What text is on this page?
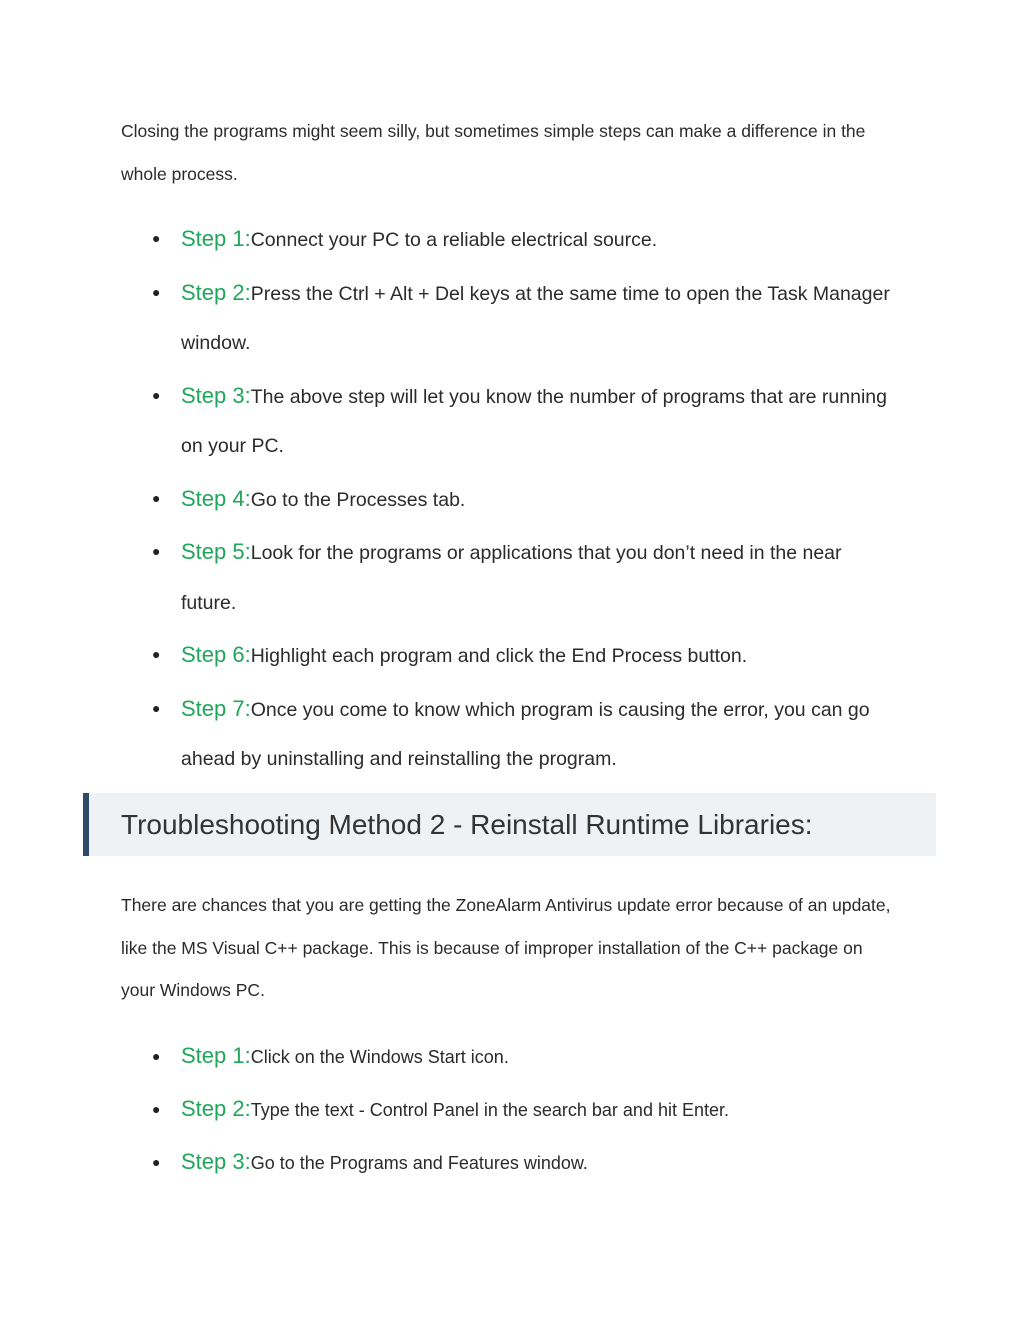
Closing the programs might seem silly, but sometimes simple steps can make a difference in the whole process.

● Step 1:Connect your PC to a reliable electrical source.
● Step 2:Press the Ctrl + Alt + Del keys at the same time to open the Task Manager window.
● Step 3:The above step will let you know the number of programs that are running on your PC.
● Step 4:Go to the Processes tab.
● Step 5:Look for the programs or applications that you don’t need in the near future.
● Step 6:Highlight each program and click the End Process button.
● Step 7:Once you come to know which program is causing the error, you can go ahead by uninstalling and reinstalling the program.
Troubleshooting Method 2 - Reinstall Runtime Libraries:

There are chances that you are getting the ZoneAlarm Antivirus update error because of an update, like the MS Visual C++ package. This is because of improper installation of the C++ package on your Windows PC.

● Step 1:Click on the Windows Start icon.
● Step 2:Type the text - Control Panel in the search bar and hit Enter.
● Step 3:Go to the Programs and Features window.
